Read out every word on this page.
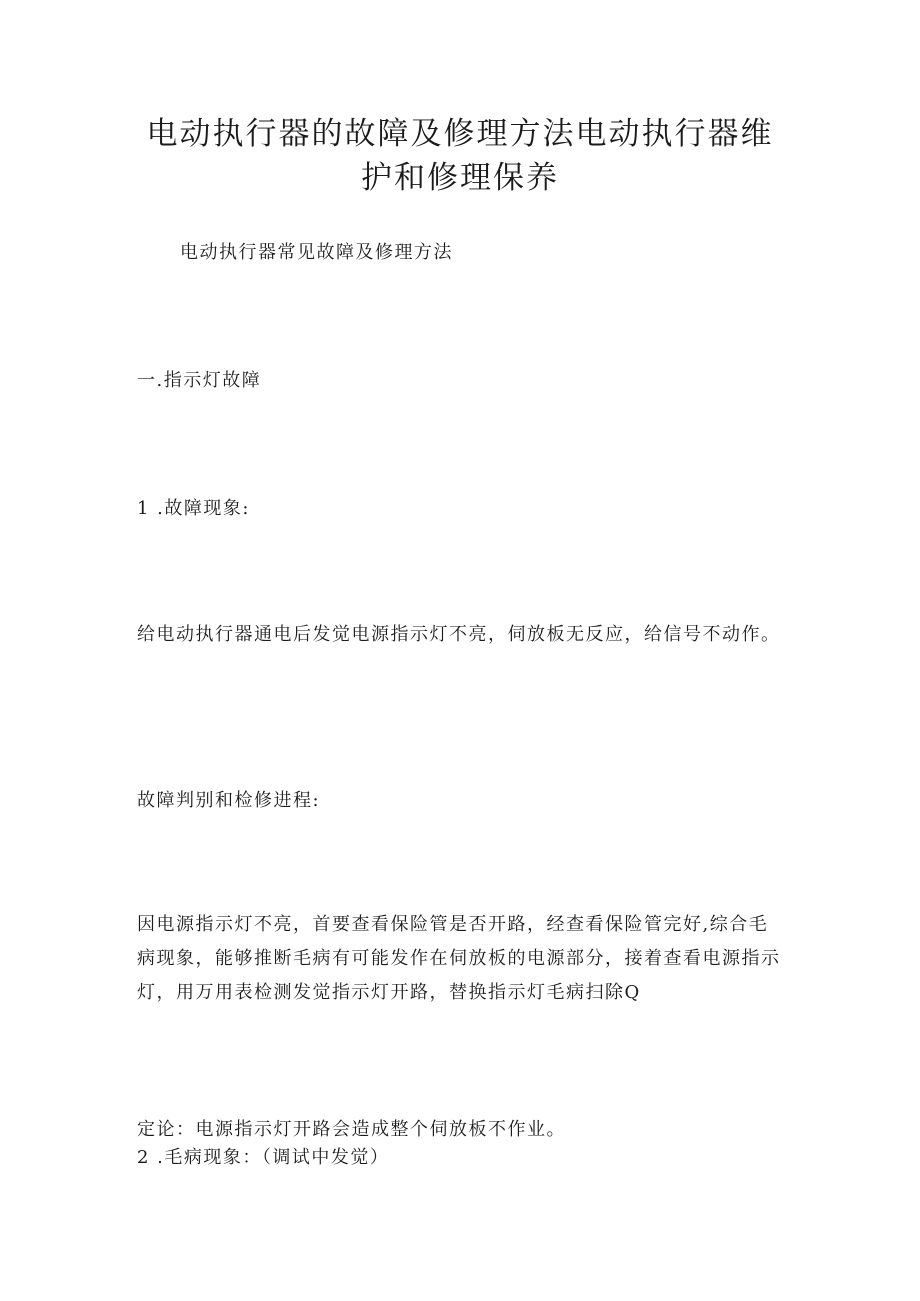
电动执行器的故障及修理方法电动执行器维护和修理保养

电动执行器常见故障及修理方法

一.指示灯故障

1 .故障现象:

给电动执行器通电后发觉电源指示灯不亮，伺放板无反应，给信号不动作。

故障判别和检修进程:

因电源指示灯不亮，首要查看保险管是否开路，经查看保险管完好,综合毛病现象，能够推断毛病有可能发作在伺放板的电源部分，接着查看电源指示灯，用万用表检测发觉指示灯开路，替换指示灯毛病扫除Q

定论：电源指示灯开路会造成整个伺放板不作业。

2 .毛病现象：（调试中发觉）
